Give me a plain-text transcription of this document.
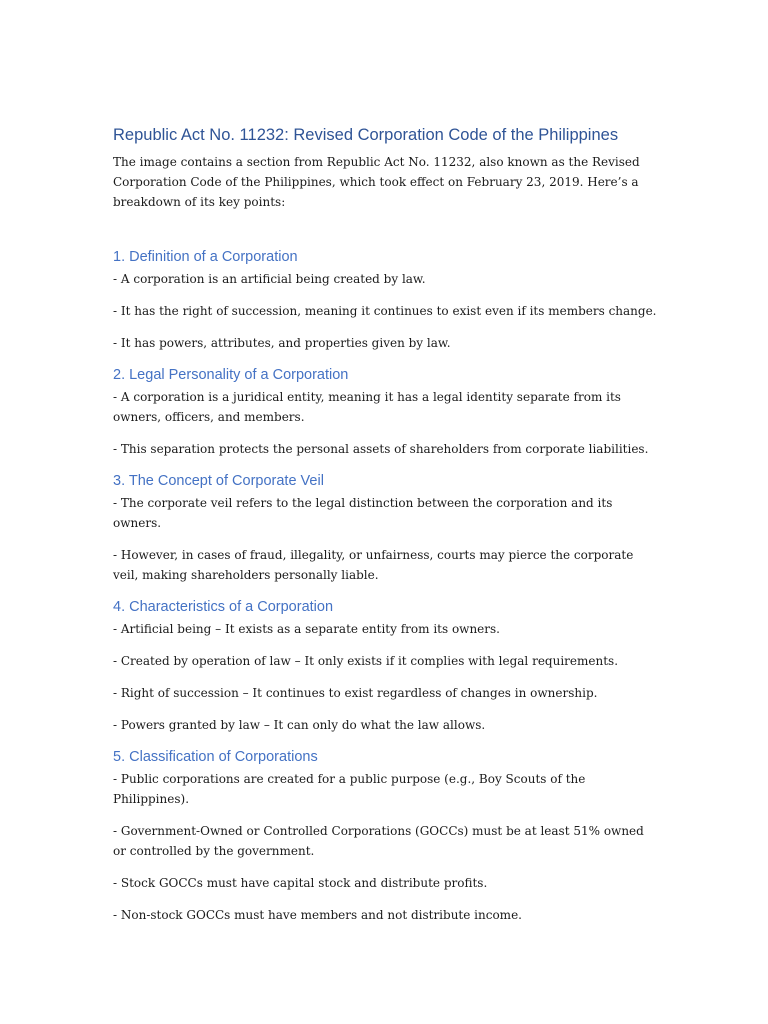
Republic Act No. 11232: Revised Corporation Code of the Philippines

The image contains a section from Republic Act No. 11232, also known as the Revised Corporation Code of the Philippines, which took effect on February 23, 2019. Here’s a breakdown of its key points:

1. Definition of a Corporation

- A corporation is an artificial being created by law.

- It has the right of succession, meaning it continues to exist even if its members change.

- It has powers, attributes, and properties given by law.

2. Legal Personality of a Corporation

- A corporation is a juridical entity, meaning it has a legal identity separate from its owners, officers, and members.

- This separation protects the personal assets of shareholders from corporate liabilities.

3. The Concept of Corporate Veil

- The corporate veil refers to the legal distinction between the corporation and its owners.

- However, in cases of fraud, illegality, or unfairness, courts may pierce the corporate veil, making shareholders personally liable.

4. Characteristics of a Corporation

- Artificial being – It exists as a separate entity from its owners.

- Created by operation of law – It only exists if it complies with legal requirements.

- Right of succession – It continues to exist regardless of changes in ownership.

- Powers granted by law – It can only do what the law allows.

5. Classification of Corporations

- Public corporations are created for a public purpose (e.g., Boy Scouts of the Philippines).

- Government-Owned or Controlled Corporations (GOCCs) must be at least 51% owned or controlled by the government.

- Stock GOCCs must have capital stock and distribute profits.

- Non-stock GOCCs must have members and not distribute income.
